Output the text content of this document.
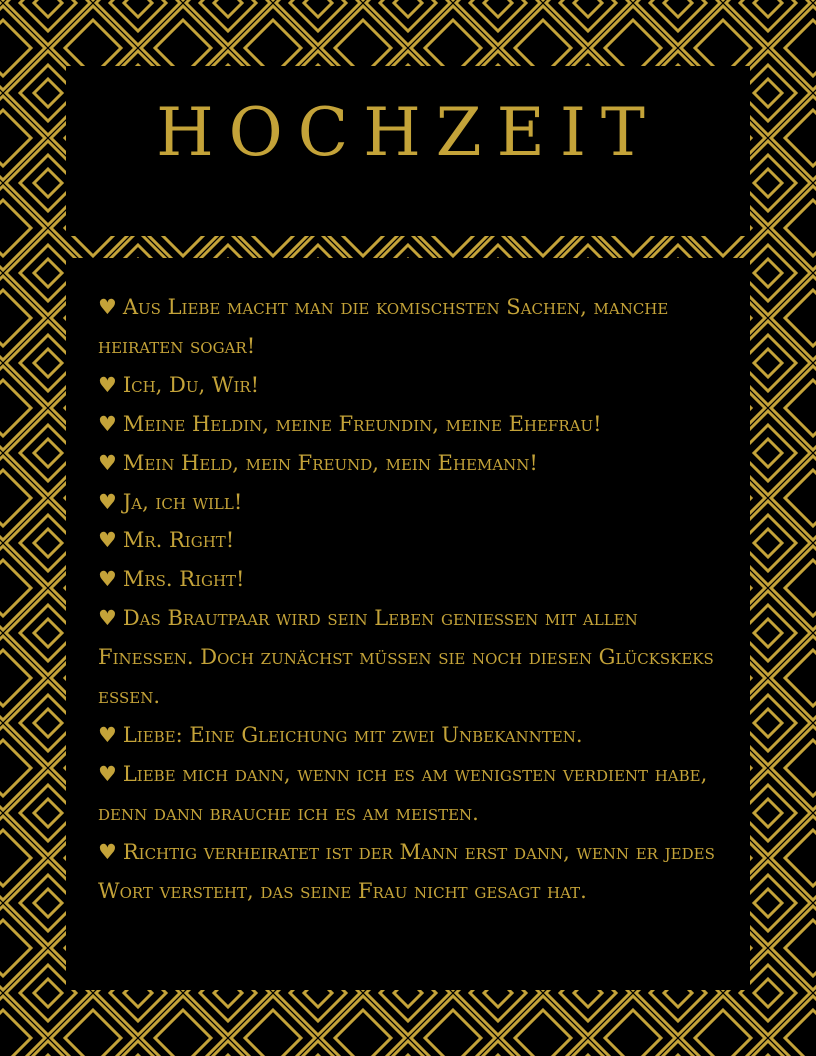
HOCHZEIT
♥ Aus Liebe macht man die komischsten Sachen, manche heiraten sogar!
♥ Ich, Du, Wir!
♥ Meine Heldin, meine Freundin, meine Ehefrau!
♥ Mein Held, mein Freund, mein Ehemann!
♥ Ja, ich will!
♥ Mr. Right!
♥ Mrs. Right!
♥ Das Brautpaar wird sein Leben genießen mit allen Finessen. Doch zunächst müssen sie noch diesen Glückskeks essen.
♥ Liebe: Eine Gleichung mit zwei Unbekannten.
♥ Liebe mich dann, wenn ich es am wenigsten verdient habe, denn dann brauche ich es am meisten.
♥ Richtig verheiratet ist der Mann erst dann, wenn er jedes Wort versteht, das seine Frau nicht gesagt hat.
